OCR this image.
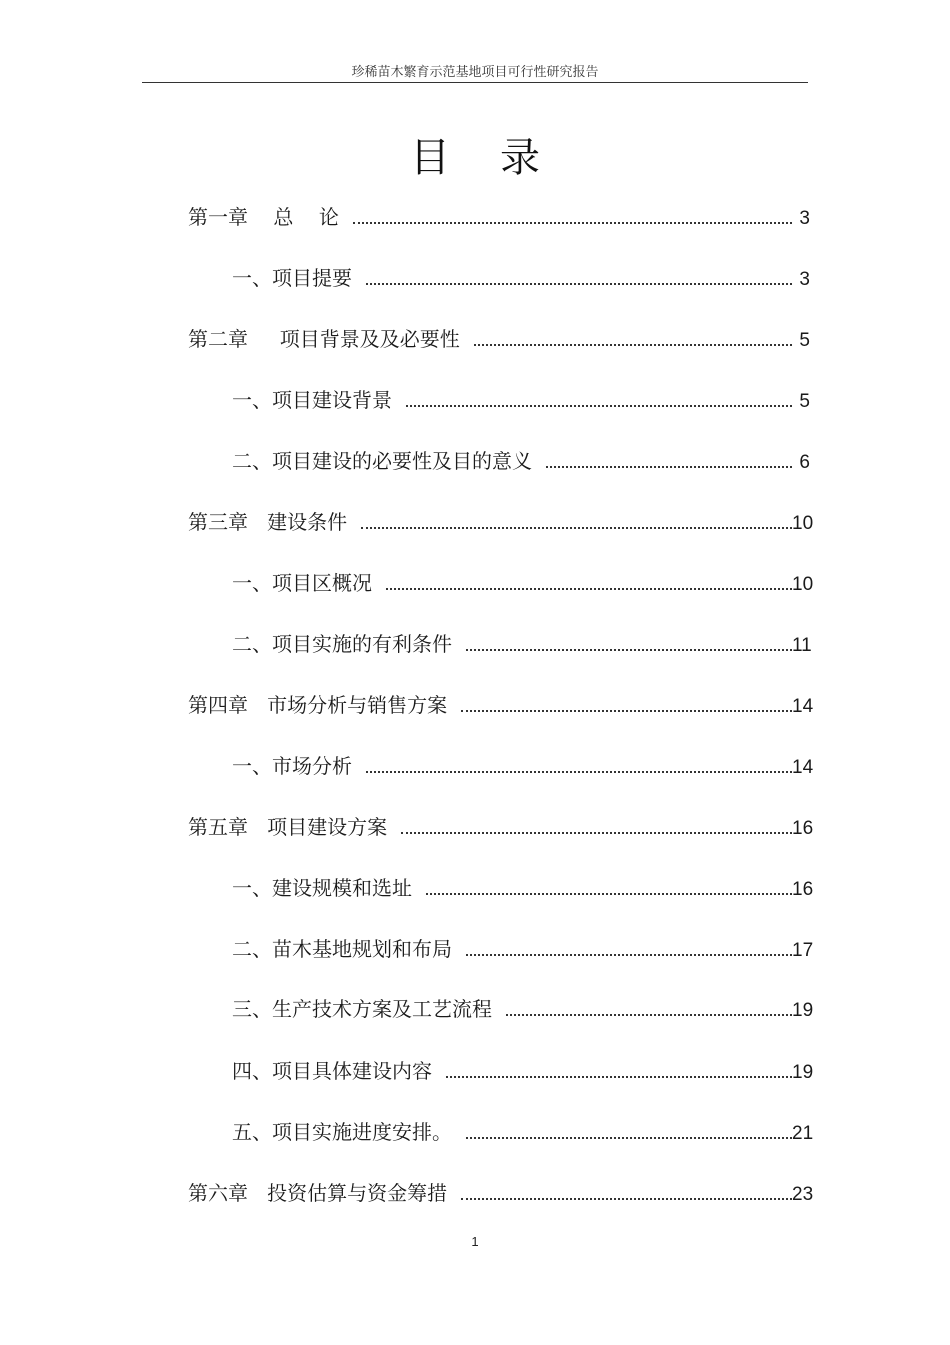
珍稀苗木繁育示范基地项目可行性研究报告
目录
第一章    总    论	3
一、项目提要	3
第二章     项目背景及及必要性	5
一、项目建设背景	5
二、项目建设的必要性及目的意义	6
第三章   建设条件	10
一、项目区概况	10
二、项目实施的有利条件	11
第四章   市场分析与销售方案	14
一、市场分析	14
第五章   项目建设方案	16
一、建设规模和选址	16
二、苗木基地规划和布局	17
三、生产技术方案及工艺流程	19
四、项目具体建设内容	19
五、项目实施进度安排。	21
第六章   投资估算与资金筹措	23
1
